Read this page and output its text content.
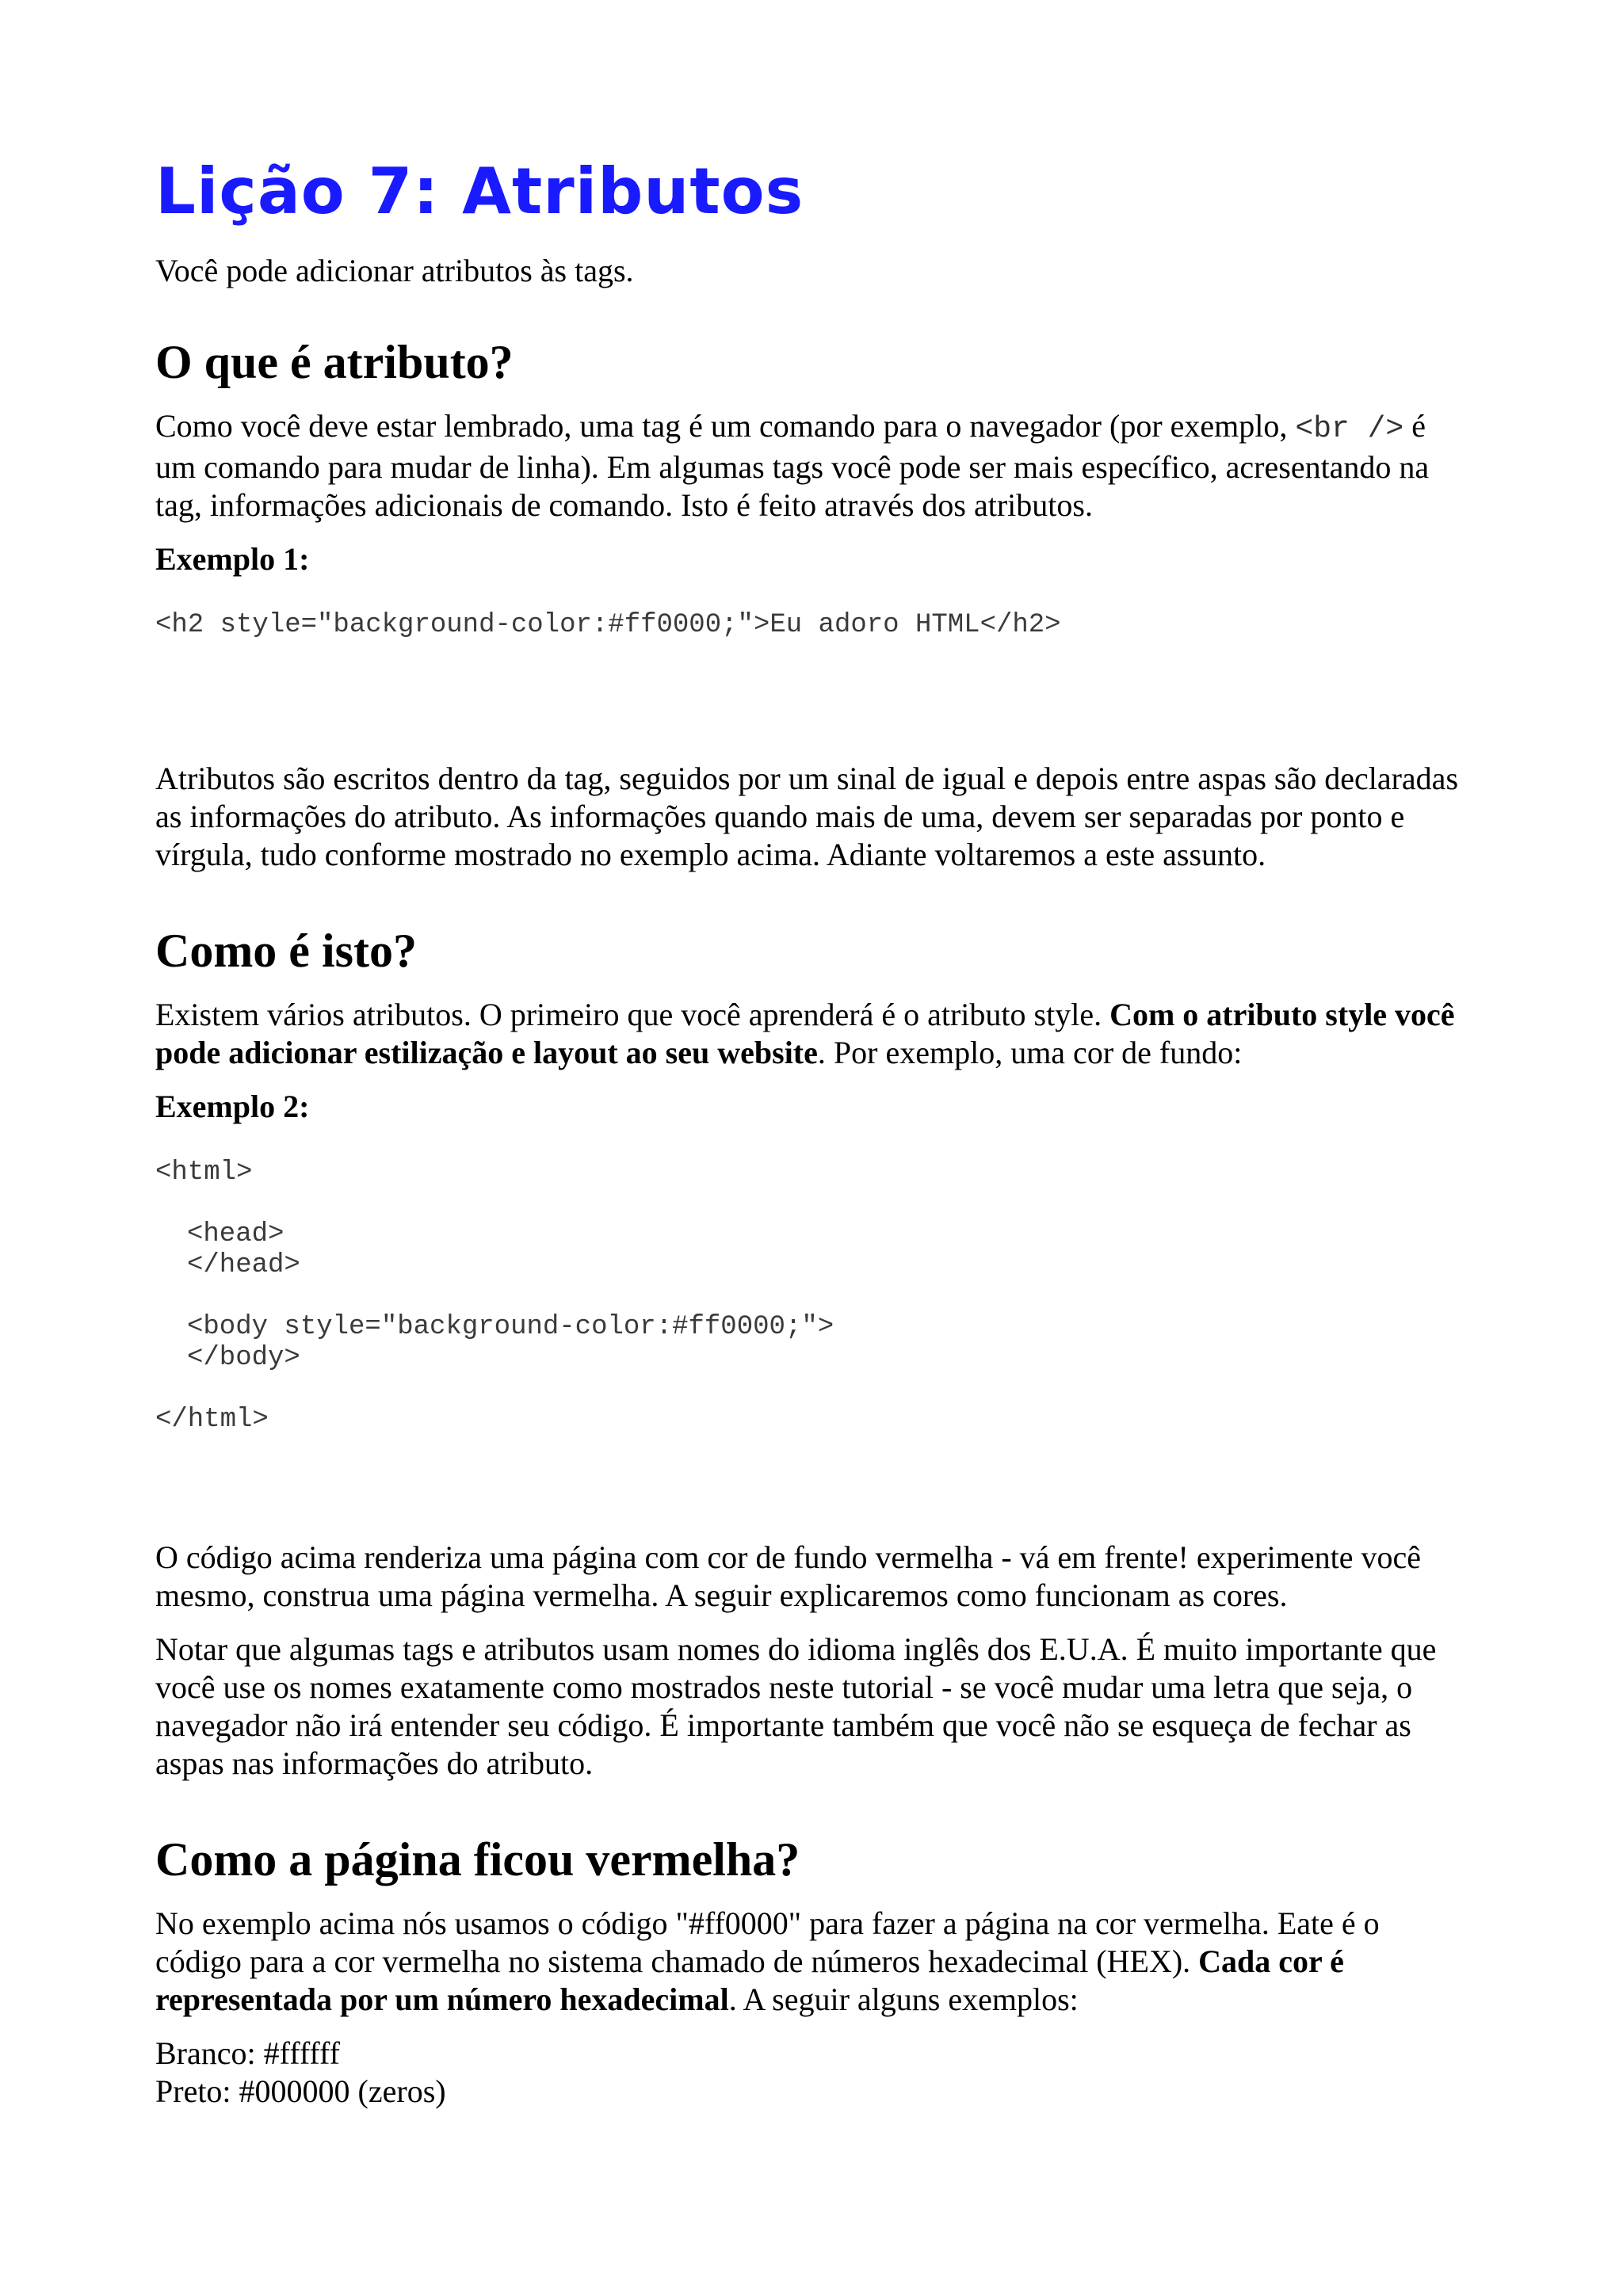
Lição 7: Atributos

Você pode adicionar atributos às tags.

O que é atributo?

Como você deve estar lembrado, uma tag é um comando para o navegador (por exemplo, <br /> é um comando para mudar de linha). Em algumas tags você pode ser mais específico, acresentando na tag, informações adicionais de comando. Isto é feito através dos atributos.

Exemplo 1:

<h2 style="background-color:#ff0000;">Eu adoro HTML</h2>

Atributos são escritos dentro da tag, seguidos por um sinal de igual e depois entre aspas são declaradas as informações do atributo. As informações quando mais de uma, devem ser separadas por ponto e vírgula, tudo conforme mostrado no exemplo acima. Adiante voltaremos a este assunto.

Como é isto?

Existem vários atributos. O primeiro que você aprenderá é o atributo style. Com o atributo style você pode adicionar estilização e layout ao seu website. Por exemplo, uma cor de fundo:

Exemplo 2:

<html>
<head>
</head>
<body style="background-color:#ff0000;">
</body>
</html>

O código acima renderiza uma página com cor de fundo vermelha - vá em frente! experimente você mesmo, construa uma página vermelha. A seguir explicaremos como funcionam as cores.

Notar que algumas tags e atributos usam nomes do idioma inglês dos E.U.A. É muito importante que você use os nomes exatamente como mostrados neste tutorial - se você mudar uma letra que seja, o navegador não irá entender seu código. É importante também que você não se esqueça de fechar as aspas nas informações do atributo.

Como a página ficou vermelha?

No exemplo acima nós usamos o código "#ff0000" para fazer a página na cor vermelha. Eate é o código para a cor vermelha no sistema chamado de números hexadecimal (HEX). Cada cor é representada por um número hexadecimal. A seguir alguns exemplos:

Branco: #ffffff
Preto: #000000 (zeros)
